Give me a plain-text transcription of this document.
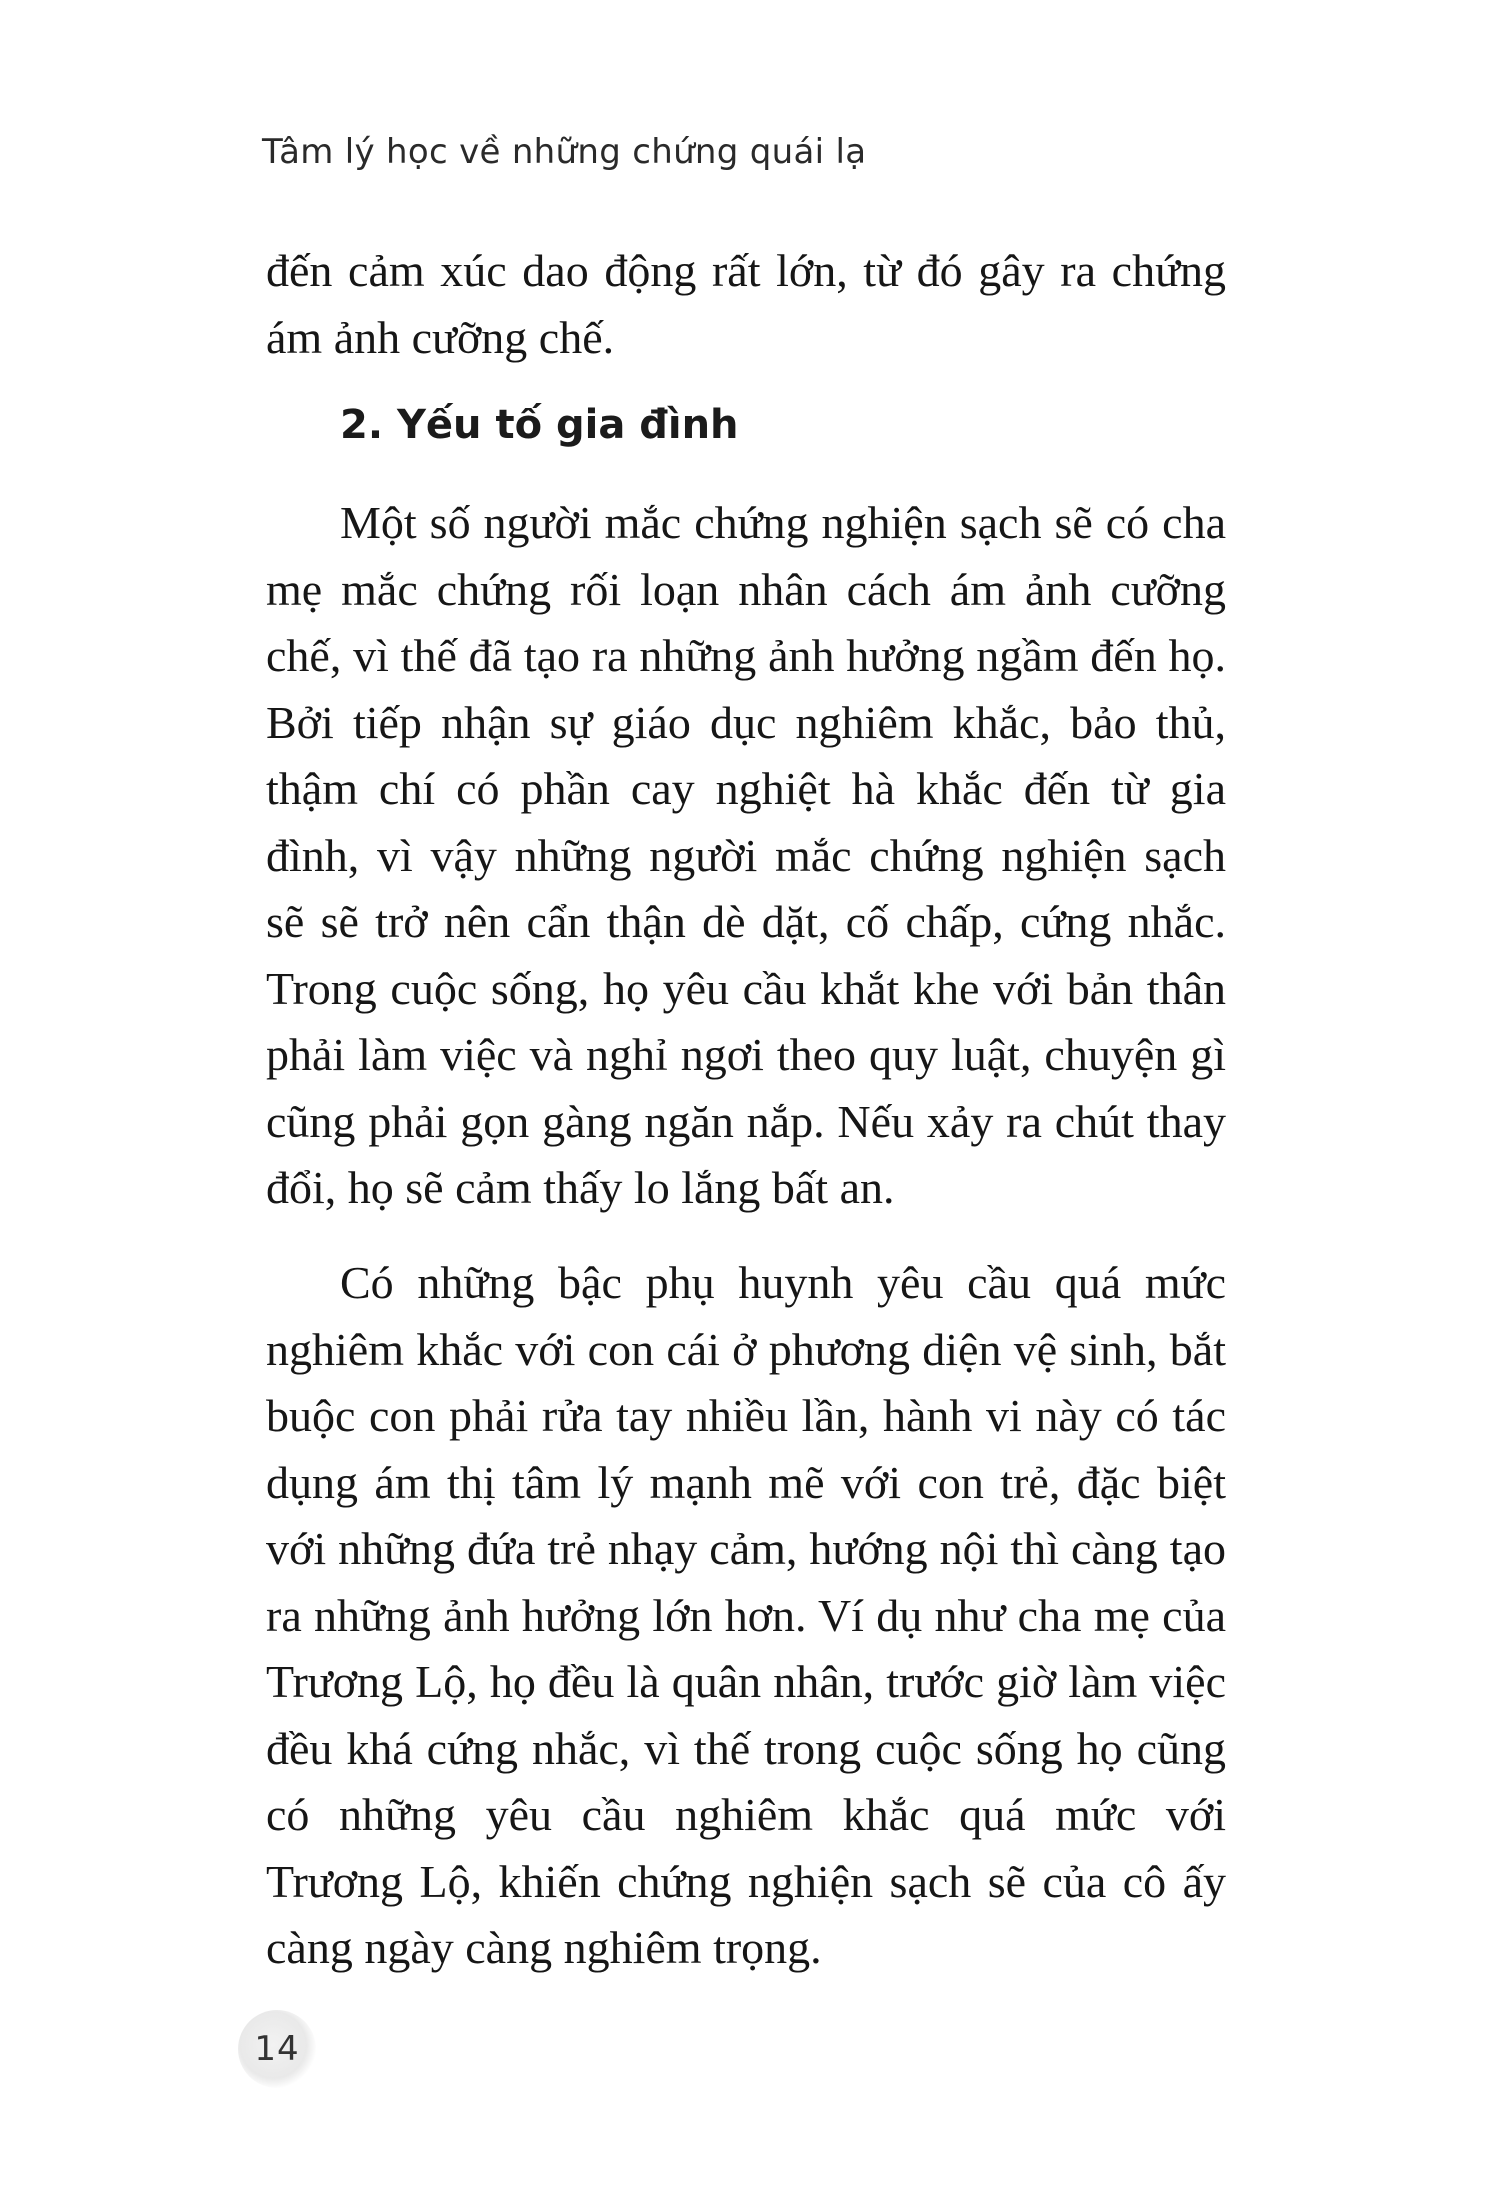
Tâm lý học về những chứng quái lạ

đến cảm xúc dao động rất lớn, từ đó gây ra chứng ám ảnh cưỡng chế.

2. Yếu tố gia đình

Một số người mắc chứng nghiện sạch sẽ có cha mẹ mắc chứng rối loạn nhân cách ám ảnh cưỡng chế, vì thế đã tạo ra những ảnh hưởng ngầm đến họ. Bởi tiếp nhận sự giáo dục nghiêm khắc, bảo thủ, thậm chí có phần cay nghiệt hà khắc đến từ gia đình, vì vậy những người mắc chứng nghiện sạch sẽ sẽ trở nên cẩn thận dè dặt, cố chấp, cứng nhắc. Trong cuộc sống, họ yêu cầu khắt khe với bản thân phải làm việc và nghỉ ngơi theo quy luật, chuyện gì cũng phải gọn gàng ngăn nắp. Nếu xảy ra chút thay đổi, họ sẽ cảm thấy lo lắng bất an.

Có những bậc phụ huynh yêu cầu quá mức nghiêm khắc với con cái ở phương diện vệ sinh, bắt buộc con phải rửa tay nhiều lần, hành vi này có tác dụng ám thị tâm lý mạnh mẽ với con trẻ, đặc biệt với những đứa trẻ nhạy cảm, hướng nội thì càng tạo ra những ảnh hưởng lớn hơn. Ví dụ như cha mẹ của Trương Lộ, họ đều là quân nhân, trước giờ làm việc đều khá cứng nhắc, vì thế trong cuộc sống họ cũng có những yêu cầu nghiêm khắc quá mức với Trương Lộ, khiến chứng nghiện sạch sẽ của cô ấy càng ngày càng nghiêm trọng.

14
